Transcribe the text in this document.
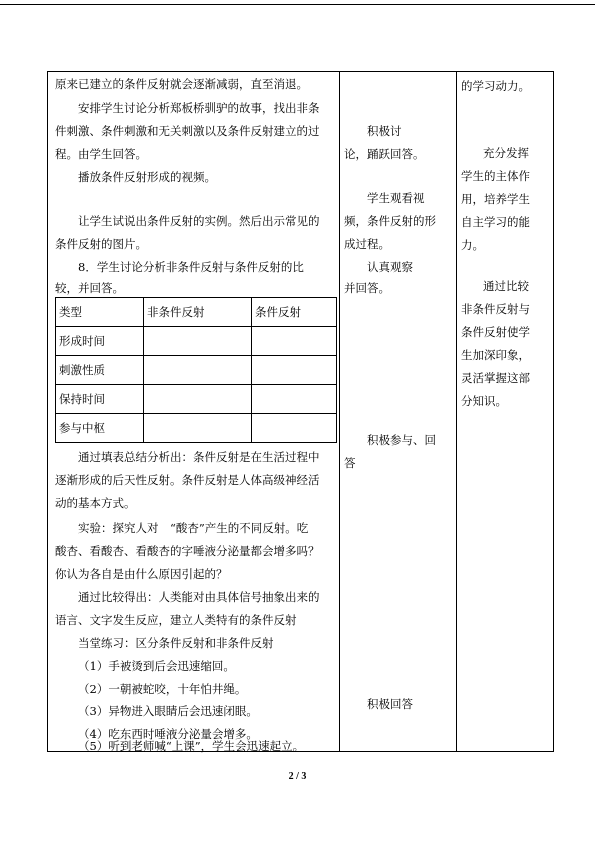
原来已建立的条件反射就会逐渐减弱，直至消退。
安排学生讨论分析郑板桥驯驴的故事，找出非条
件刺激、条件刺激和无关刺激以及条件反射建立的过
程。由学生回答。
播放条件反射形成的视频。
让学生试说出条件反射的实例。然后出示常见的
条件反射的图片。
8．学生讨论分析非条件反射与条件反射的比
较，并回答。
类型	非条件反射	条件反射
形成时间
刺激性质
保持时间
参与中枢
通过填表总结分析出：条件反射是在生活过程中
逐渐形成的后天性反射。条件反射是人体高级神经活
动的基本方式。
实验：探究人对　“酸杏”产生的不同反射。吃
酸杏、看酸杏、看酸杏的字唾液分泌量都会增多吗？
你认为各自是由什么原因引起的？
通过比较得出：人类能对由具体信号抽象出来的
语言、文字发生反应，建立人类特有的条件反射
当堂练习：区分条件反射和非条件反射
（1）手被烫到后会迅速缩回。
（2）一朝被蛇咬，十年怕井绳。
（3）异物进入眼睛后会迅速闭眼。
（4）吃东西时唾液分泌量会增多。
（5）听到老师喊“上课”，学生会迅速起立。
积极讨
论，踊跃回答。
学生观看视
频，条件反射的形
成过程。
认真观察
并回答。
积极参与、回
答
积极回答
的学习动力。
充分发挥
学生的主体作
用，培养学生
自主学习的能
力。
通过比较
非条件反射与
条件反射使学
生加深印象，
灵活掌握这部
分知识。
2 / 3
